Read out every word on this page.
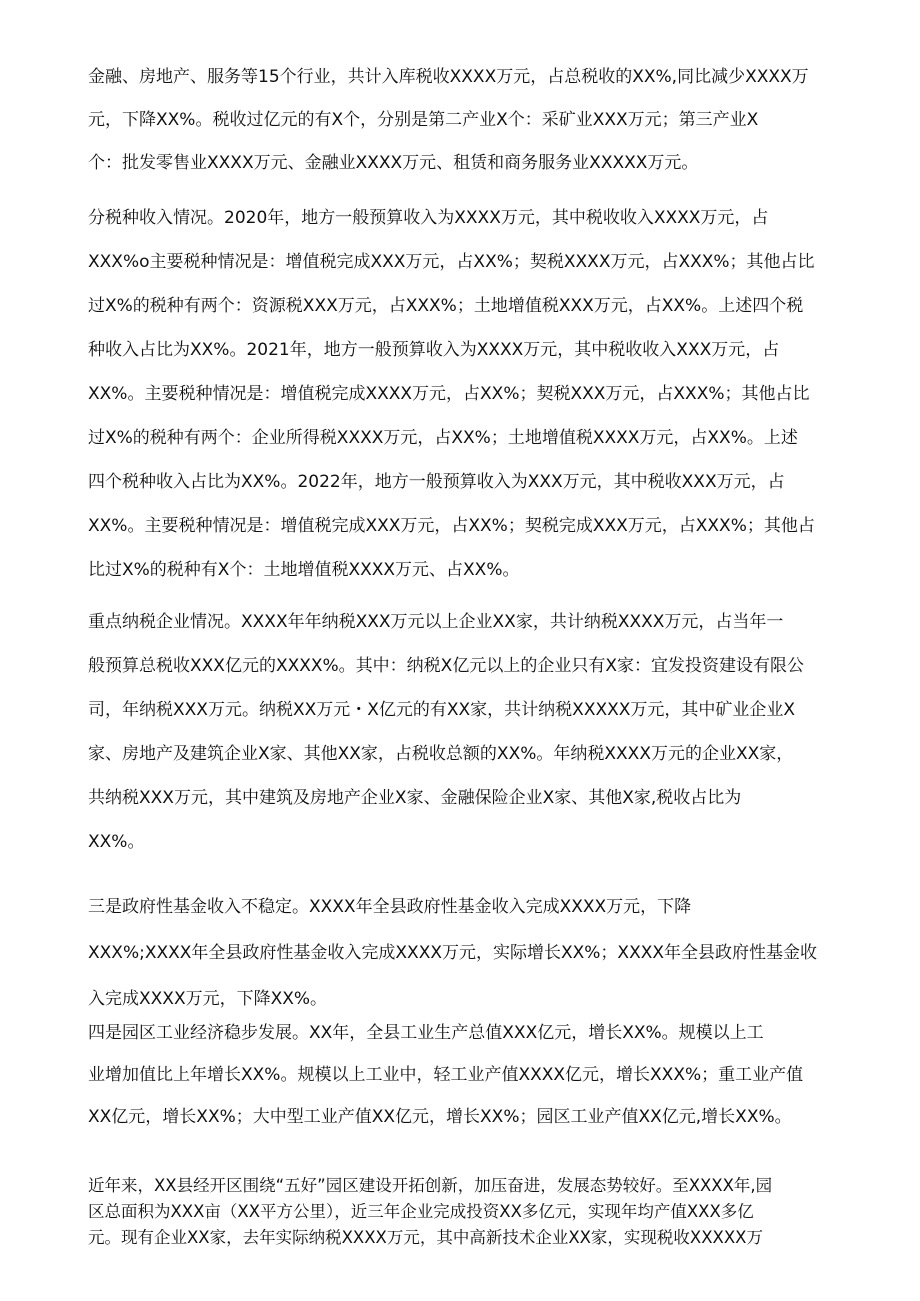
金融、房地产、服务等15个行业，共计入库税收XXXX万元，占总税收的XX%,同比减少XXXX万
元，下降XX%。税收过亿元的有X个，分别是第二产业X个：采矿业XXX万元；第三产业X
个：批发零售业XXXX万元、金融业XXXX万元、租赁和商务服务业XXXXX万元。
分税种收入情况。2020年，地方一般预算收入为XXXX万元，其中税收收入XXXX万元，占
XXX%o主要税种情况是：增值税完成XXX万元，占XX%；契税XXXX万元，占XXX%；其他占比
过X%的税种有两个：资源税XXX万元，占XXX%；土地增值税XXX万元，占XX%。上述四个税
种收入占比为XX%。2021年，地方一般预算收入为XXXX万元，其中税收收入XXX万元，占
XX%。主要税种情况是：增值税完成XXXX万元，占XX%；契税XXX万元，占XXX%；其他占比
过X%的税种有两个：企业所得税XXXX万元，占XX%；土地增值税XXXX万元，占XX%。上述
四个税种收入占比为XX%。2022年，地方一般预算收入为XXX万元，其中税收XXX万元，占
XX%。主要税种情况是：增值税完成XXX万元，占XX%；契税完成XXX万元，占XXX%；其他占
比过X%的税种有X个：土地增值税XXXX万元、占XX%。
重点纳税企业情况。XXXX年年纳税XXX万元以上企业XX家，共计纳税XXXX万元，占当年一
般预算总税收XXX亿元的XXXX%。其中：纳税X亿元以上的企业只有X家：宜发投资建设有限公
司，年纳税XXX万元。纳税XX万元・X亿元的有XX家，共计纳税XXXXX万元，其中矿业企业X
家、房地产及建筑企业X家、其他XX家，占税收总额的XX%。年纳税XXXX万元的企业XX家，
共纳税XXX万元，其中建筑及房地产企业X家、金融保险企业X家、其他X家,税收占比为
XX%。
三是政府性基金收入不稳定。XXXX年全县政府性基金收入完成XXXX万元，下降
XXX%;XXXX年全县政府性基金收入完成XXXX万元，实际增长XX%；XXXX年全县政府性基金收
入完成XXXX万元，下降XX%。
四是园区工业经济稳步发展。XX年，全县工业生产总值XXX亿元，增长XX%。规模以上工
业增加值比上年增长XX%。规模以上工业中，轻工业产值XXXX亿元，增长XXX%；重工业产值
XX亿元，增长XX%；大中型工业产值XX亿元，增长XX%；园区工业产值XX亿元,增长XX%。
近年来，XX县经开区围绕“五好”园区建设开拓创新，加压奋进，发展态势较好。至XXXX年,园
区总面积为XXX亩（XX平方公里），近三年企业完成投资XX多亿元，实现年均产值XXX多亿
元。现有企业XX家，去年实际纳税XXXX万元，其中高新技术企业XX家，实现税收XXXXX万
